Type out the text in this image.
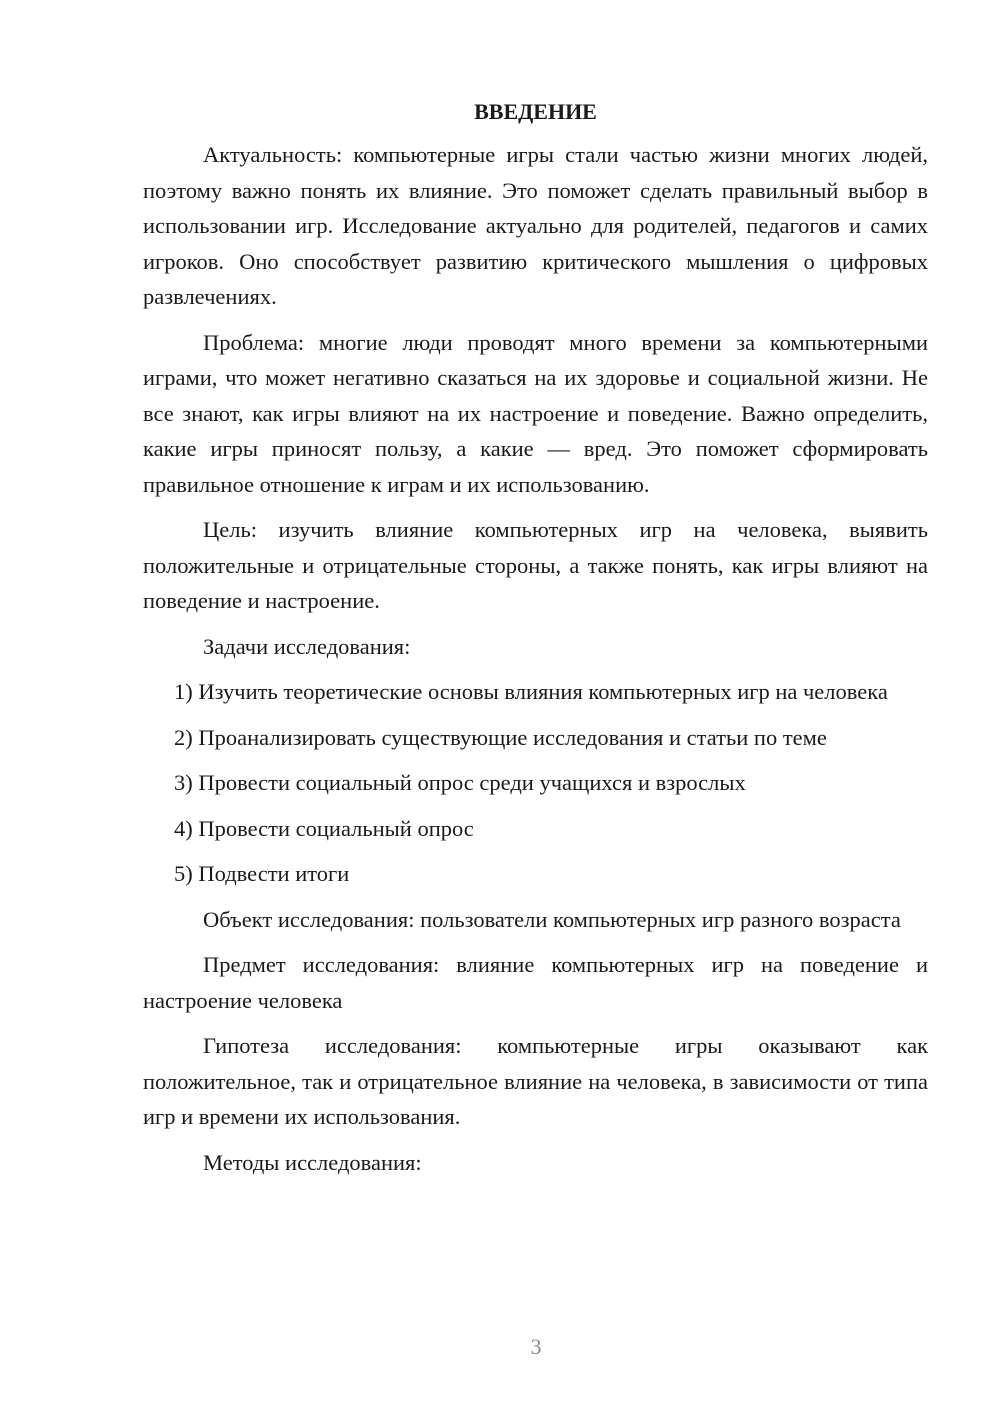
ВВЕДЕНИЕ

Актуальность: компьютерные игры стали частью жизни многих людей, поэтому важно понять их влияние. Это поможет сделать правильный выбор в использовании игр. Исследование актуально для родителей, педагогов и самих игроков. Оно способствует развитию критического мышления о цифровых развлечениях.

Проблема: многие люди проводят много времени за компьютерными играми, что может негативно сказаться на их здоровье и социальной жизни. Не все знают, как игры влияют на их настроение и поведение. Важно определить, какие игры приносят пользу, а какие — вред. Это поможет сформировать правильное отношение к играм и их использованию.

Цель: изучить влияние компьютерных игр на человека, выявить положительные и отрицательные стороны, а также понять, как игры влияют на поведение и настроение.

Задачи исследования:

1) Изучить теоретические основы влияния компьютерных игр на человека

2) Проанализировать существующие исследования и статьи по теме

3) Провести социальный опрос среди учащихся и взрослых

4) Провести социальный опрос

5) Подвести итоги

Объект исследования: пользователи компьютерных игр разного возраста

Предмет исследования: влияние компьютерных игр на поведение и настроение человека

Гипотеза исследования: компьютерные игры оказывают как положительное, так и отрицательное влияние на человека, в зависимости от типа игр и времени их использования.

Методы исследования:

3
